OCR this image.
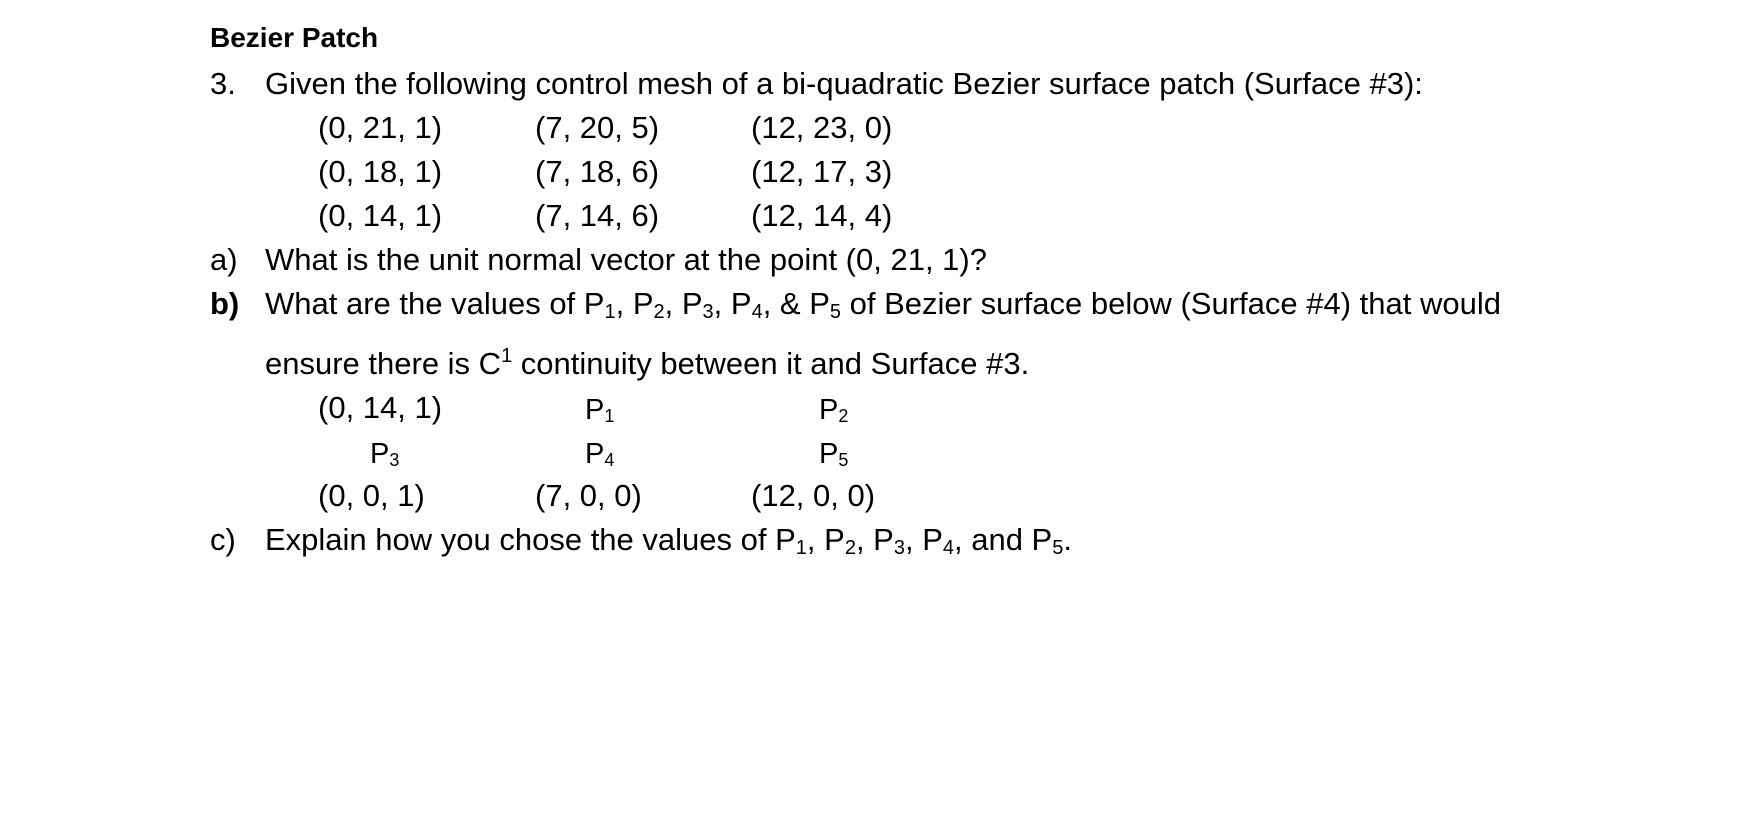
Bezier Patch
3. Given the following control mesh of a bi-quadratic Bezier surface patch (Surface #3):
(0, 21, 1)	(7, 20, 5)	(12, 23, 0)
(0, 18, 1)	(7, 18, 6)	(12, 17, 3)
(0, 14, 1)	(7, 14, 6)	(12, 14, 4)
a) What is the unit normal vector at the point (0, 21, 1)?
b) What are the values of $P_1$, $P_2$, $P_3$, $P_4$, & $P_5$ of Bezier surface below (Surface #4) that would
ensure there is $C^1$ continuity between it and Surface #3.
(0, 14, 1)	$P_1$	$P_2$
$P_3$	$P_4$	$P_5$
(0, 0, 1)	(7, 0, 0)	(12, 0, 0)
c) Explain how you chose the values of $P_1$, $P_2$, $P_3$, $P_4$, and $P_5$.
